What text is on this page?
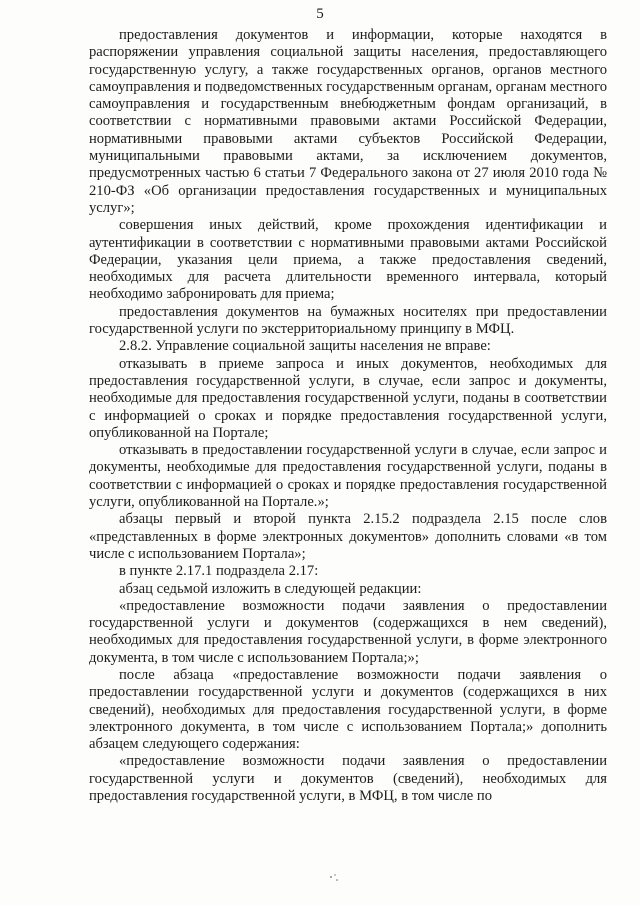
5

предоставления документов и информации, которые находятся в распоряжении управления социальной защиты населения, предоставляющего государственную услугу, а также государственных органов, органов местного самоуправления и подведомственных государственным органам, органам местного самоуправления и государственным внебюджетным фондам организаций, в соответствии с нормативными правовыми актами Российской Федерации, нормативными правовыми актами субъектов Российской Федерации, муниципальными правовыми актами, за исключением документов, предусмотренных частью 6 статьи 7 Федерального закона от 27 июля 2010 года № 210-ФЗ «Об организации предоставления государственных и муниципальных услуг»;

совершения иных действий, кроме прохождения идентификации и аутентификации в соответствии с нормативными правовыми актами Российской Федерации, указания цели приема, а также предоставления сведений, необходимых для расчета длительности временного интервала, который необходимо забронировать для приема;

предоставления документов на бумажных носителях при предоставлении государственной услуги по экстерриториальному принципу в МФЦ.

2.8.2. Управление социальной защиты населения не вправе:

отказывать в приеме запроса и иных документов, необходимых для предоставления государственной услуги, в случае, если запрос и документы, необходимые для предоставления государственной услуги, поданы в соответствии с информацией о сроках и порядке предоставления государственной услуги, опубликованной на Портале;

отказывать в предоставлении государственной услуги в случае, если запрос и документы, необходимые для предоставления государственной услуги, поданы в соответствии с информацией о сроках и порядке предоставления государственной услуги, опубликованной на Портале.»;

абзацы первый и второй пункта 2.15.2 подраздела 2.15 после слов «представленных в форме электронных документов» дополнить словами «в том числе с использованием Портала»;

в пункте 2.17.1 подраздела 2.17:

абзац седьмой изложить в следующей редакции:

«предоставление возможности подачи заявления о предоставлении государственной услуги и документов (содержащихся в нем сведений), необходимых для предоставления государственной услуги, в форме электронного документа, в том числе с использованием Портала;»;

после абзаца «предоставление возможности подачи заявления о предоставлении государственной услуги и документов (содержащихся в них сведений), необходимых для предоставления государственной услуги, в форме электронного документа, в том числе с использованием Портала;» дополнить абзацем следующего содержания:

«предоставление возможности подачи заявления о предоставлении государственной услуги и документов (сведений), необходимых для предоставления государственной услуги, в МФЦ, в том числе по
